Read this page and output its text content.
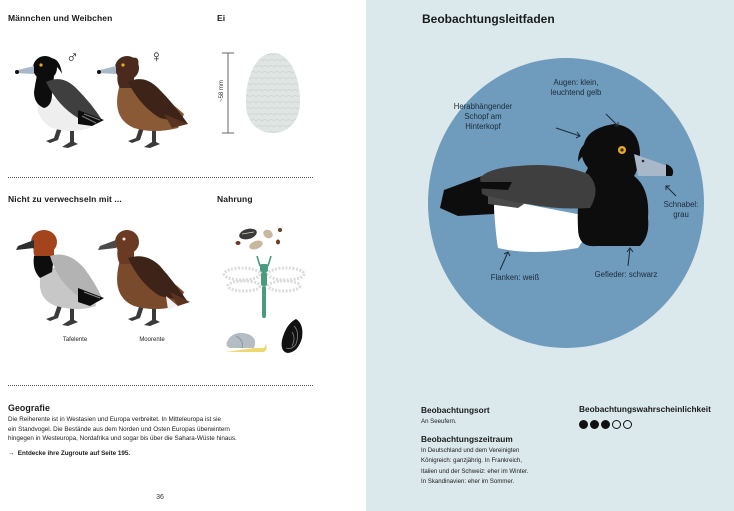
Männchen und Weibchen
♂	♀
Ei
~58 mm
Nicht zu verwechseln mit ...
Tafelente	Moorente
Nahrung
Geografie
Die Reiherente ist in Westasien und Europa verbreitet. In Mitteleuropa ist sie
ein Standvogel. Die Bestände aus dem Norden und Osten Europas überwintern
hingegen in Westeuropa, Nordafrika und sogar bis über die Sahara-Wüste hinaus.
→ Entdecke ihre Zugroute auf Seite 195.
36
Beobachtungsleitfaden
Augen: klein,
leuchtend gelb
Herabhängender
Schopf am
Hinterkopf
Schnabel:
grau
Flanken: weiß	Gefieder: schwarz
Beobachtungsort
An Seeufern.
Beobachtungszeitraum
In Deutschland und dem Vereinigten
Königreich: ganzjährig. In Frankreich,
Italien und der Schweiz: eher im Winter.
In Skandinavien: eher im Sommer.
Beobachtungswahrscheinlichkeit
